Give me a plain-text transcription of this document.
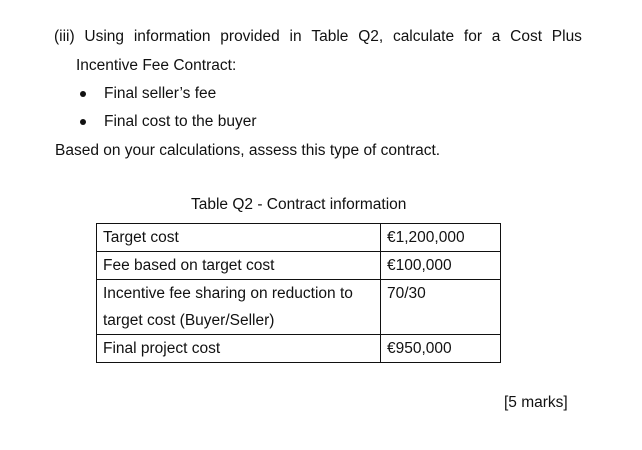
(iii) Using information provided in Table Q2, calculate for a Cost Plus
Incentive Fee Contract:
Final seller’s fee
Final cost to the buyer
Based on your calculations, assess this type of contract.
Table Q2 - Contract information
Target cost	€1,200,000
Fee based on target cost	€100,000

Incentive fee sharing on reduction to
target cost (Buyer/Seller)	70/30
Final project cost	€950,000
[5 marks]
